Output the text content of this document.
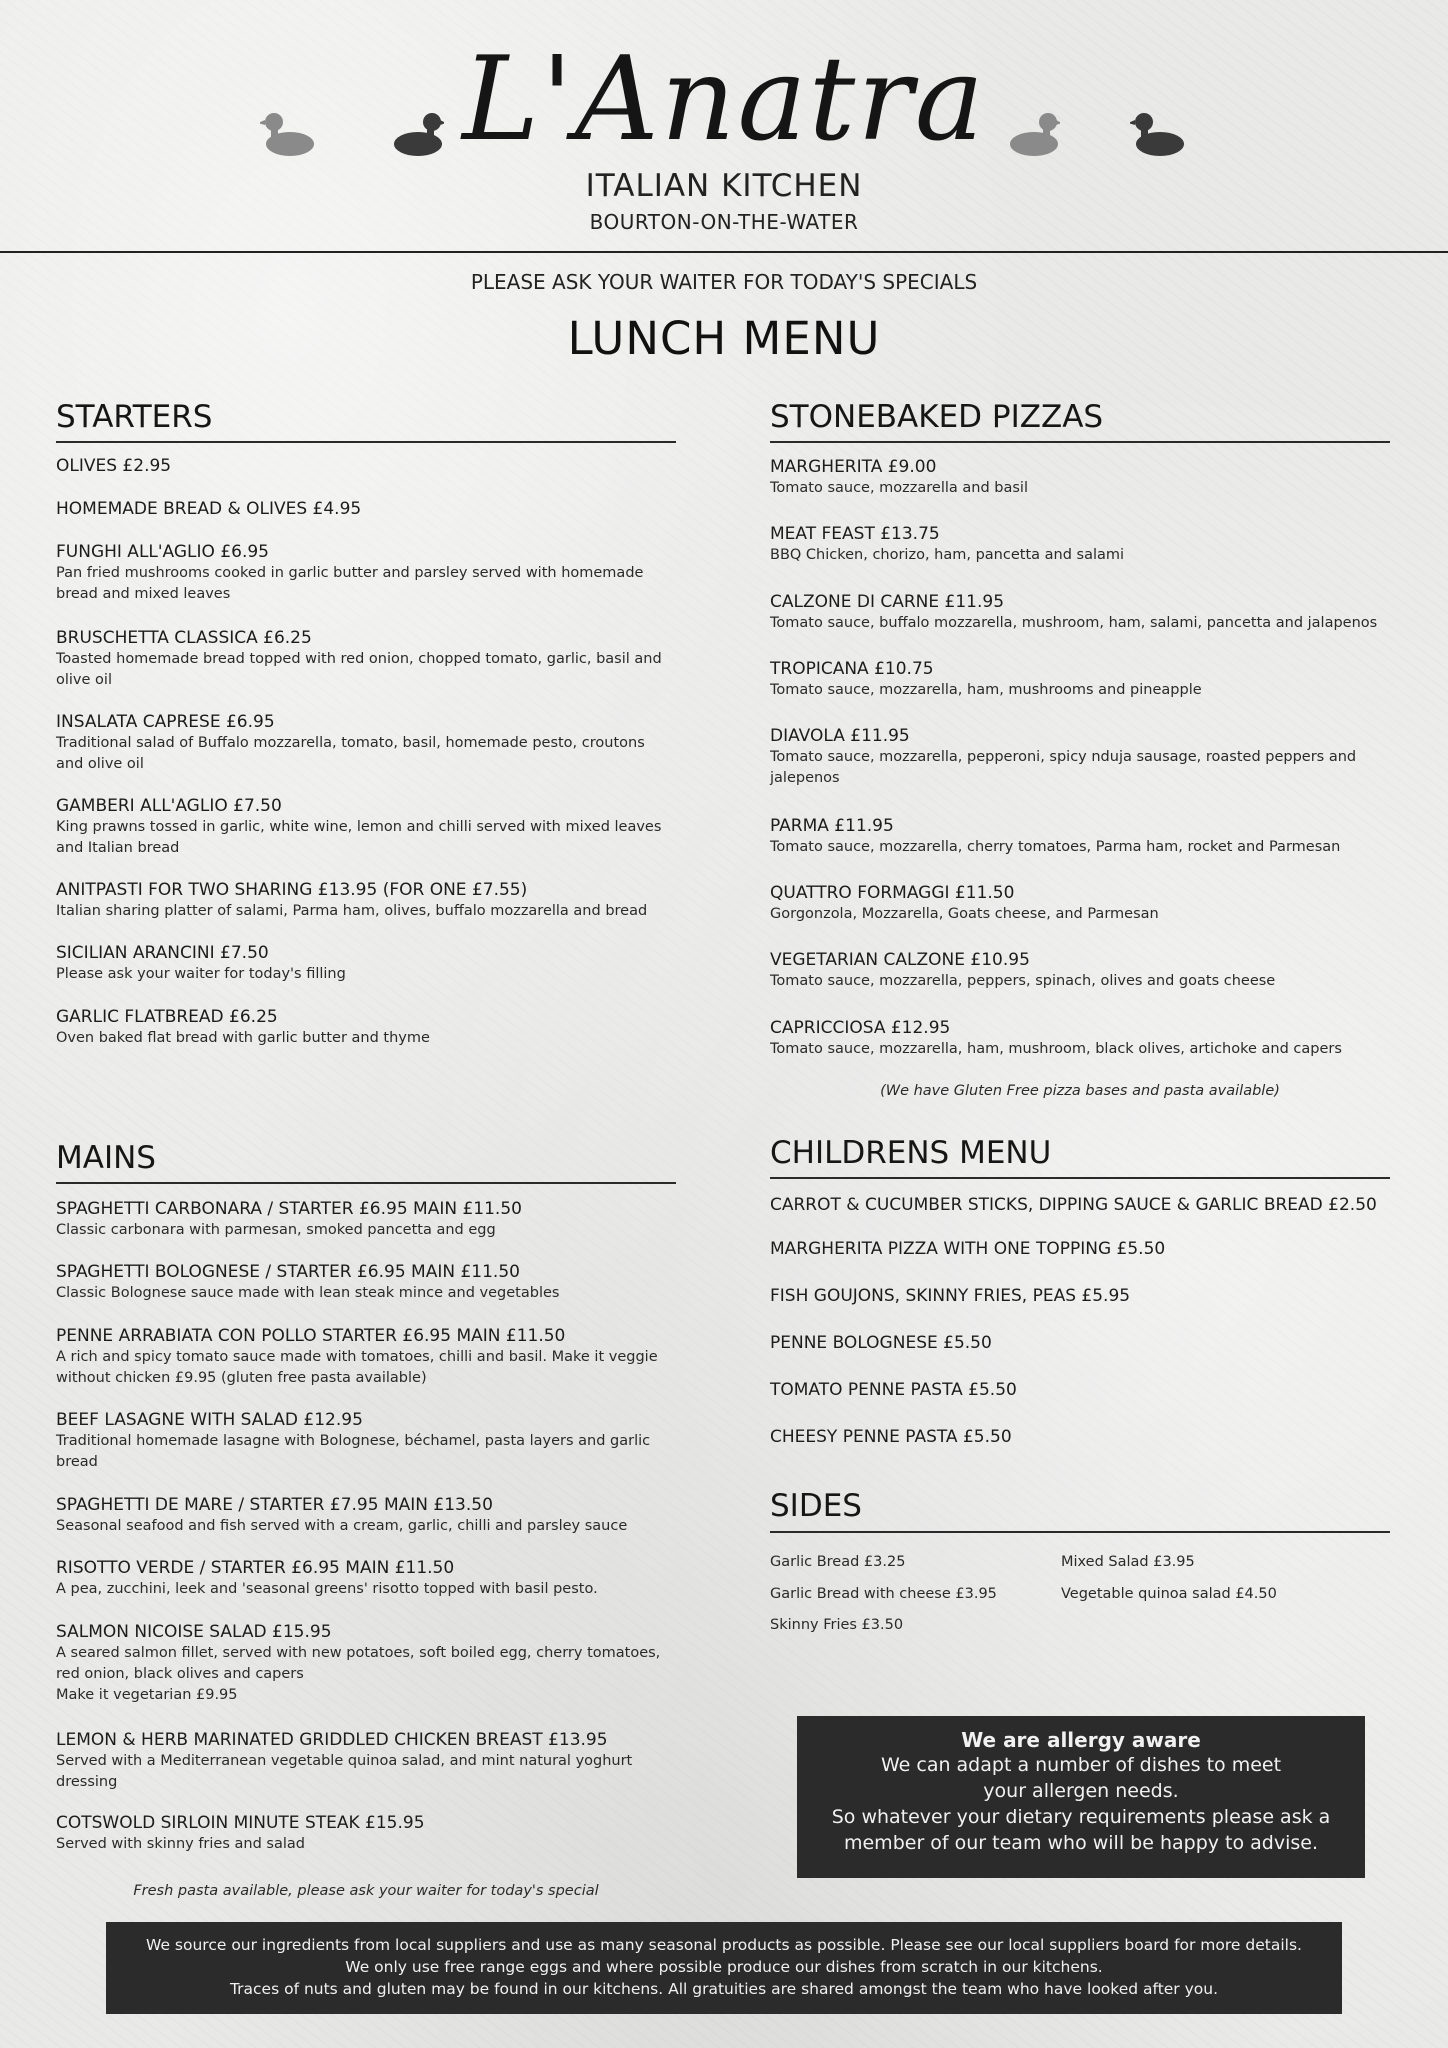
L'Anatra
ITALIAN KITCHEN
BOURTON-ON-THE-WATER
PLEASE ASK YOUR WAITER FOR TODAY'S SPECIALS
LUNCH MENU
STARTERS
OLIVES £2.95
HOMEMADE BREAD & OLIVES £4.95
FUNGHI ALL'AGLIO £6.95
Pan fried mushrooms cooked in garlic butter and parsley served with homemade bread and mixed leaves
BRUSCHETTA CLASSICA £6.25
Toasted homemade bread topped with red onion, chopped tomato, garlic, basil and olive oil
INSALATA CAPRESE £6.95
Traditional salad of Buffalo mozzarella, tomato, basil, homemade pesto, croutons and olive oil
GAMBERI ALL'AGLIO £7.50
King prawns tossed in garlic, white wine, lemon and chilli served with mixed leaves and Italian bread
ANITPASTI FOR TWO SHARING £13.95 (FOR ONE £7.55)
Italian sharing platter of salami, Parma ham, olives, buffalo mozzarella and bread
SICILIAN ARANCINI £7.50
Please ask your waiter for today's filling
GARLIC FLATBREAD £6.25
Oven baked flat bread with garlic butter and thyme
MAINS
SPAGHETTI CARBONARA / STARTER £6.95 MAIN £11.50
Classic carbonara with parmesan, smoked pancetta and egg
SPAGHETTI BOLOGNESE / STARTER £6.95 MAIN £11.50
Classic Bolognese sauce made with lean steak mince and vegetables
PENNE ARRABIATA CON POLLO STARTER £6.95 MAIN £11.50
A rich and spicy tomato sauce made with tomatoes, chilli and basil. Make it veggie without chicken £9.95 (gluten free pasta available)
BEEF LASAGNE WITH SALAD £12.95
Traditional homemade lasagne with Bolognese, béchamel, pasta layers and garlic bread
SPAGHETTI DE MARE / STARTER £7.95 MAIN £13.50
Seasonal seafood and fish served with a cream, garlic, chilli and parsley sauce
RISOTTO VERDE / STARTER £6.95 MAIN £11.50
A pea, zucchini, leek and 'seasonal greens' risotto topped with basil pesto.
SALMON NICOISE SALAD £15.95
A seared salmon fillet, served with new potatoes, soft boiled egg, cherry tomatoes, red onion, black olives and capers
Make it vegetarian £9.95
LEMON & HERB MARINATED GRIDDLED CHICKEN BREAST £13.95
Served with a Mediterranean vegetable quinoa salad, and mint natural yoghurt dressing
COTSWOLD SIRLOIN MINUTE STEAK £15.95
Served with skinny fries and salad
Fresh pasta available, please ask your waiter for today's special
STONEBAKED PIZZAS
MARGHERITA £9.00
Tomato sauce, mozzarella and basil
MEAT FEAST £13.75
BBQ Chicken, chorizo, ham, pancetta and salami
CALZONE DI CARNE £11.95
Tomato sauce, buffalo mozzarella, mushroom, ham, salami, pancetta and jalapenos
TROPICANA £10.75
Tomato sauce, mozzarella, ham, mushrooms and pineapple
DIAVOLA £11.95
Tomato sauce, mozzarella, pepperoni, spicy nduja sausage, roasted peppers and jalepenos
PARMA £11.95
Tomato sauce, mozzarella, cherry tomatoes, Parma ham, rocket and Parmesan
QUATTRO FORMAGGI £11.50
Gorgonzola, Mozzarella, Goats cheese, and Parmesan
VEGETARIAN CALZONE £10.95
Tomato sauce, mozzarella, peppers, spinach, olives and goats cheese
CAPRICCIOSA £12.95
Tomato sauce, mozzarella, ham, mushroom, black olives, artichoke and capers
(We have Gluten Free pizza bases and pasta available)
CHILDRENS MENU
CARROT & CUCUMBER STICKS, DIPPING SAUCE & GARLIC BREAD £2.50
MARGHERITA PIZZA WITH ONE TOPPING £5.50
FISH GOUJONS, SKINNY FRIES, PEAS £5.95
PENNE BOLOGNESE £5.50
TOMATO PENNE PASTA £5.50
CHEESY PENNE PASTA £5.50
SIDES
Garlic Bread £3.25	Mixed Salad £3.95
Garlic Bread with cheese £3.95	Vegetable quinoa salad £4.50
Skinny Fries £3.50
We are allergy aware
We can adapt a number of dishes to meet
your allergen needs.
So whatever your dietary requirements please ask a
member of our team who will be happy to advise.
We source our ingredients from local suppliers and use as many seasonal products as possible. Please see our local suppliers board for more details.
We only use free range eggs and where possible produce our dishes from scratch in our kitchens.
Traces of nuts and gluten may be found in our kitchens. All gratuities are shared amongst the team who have looked after you.
